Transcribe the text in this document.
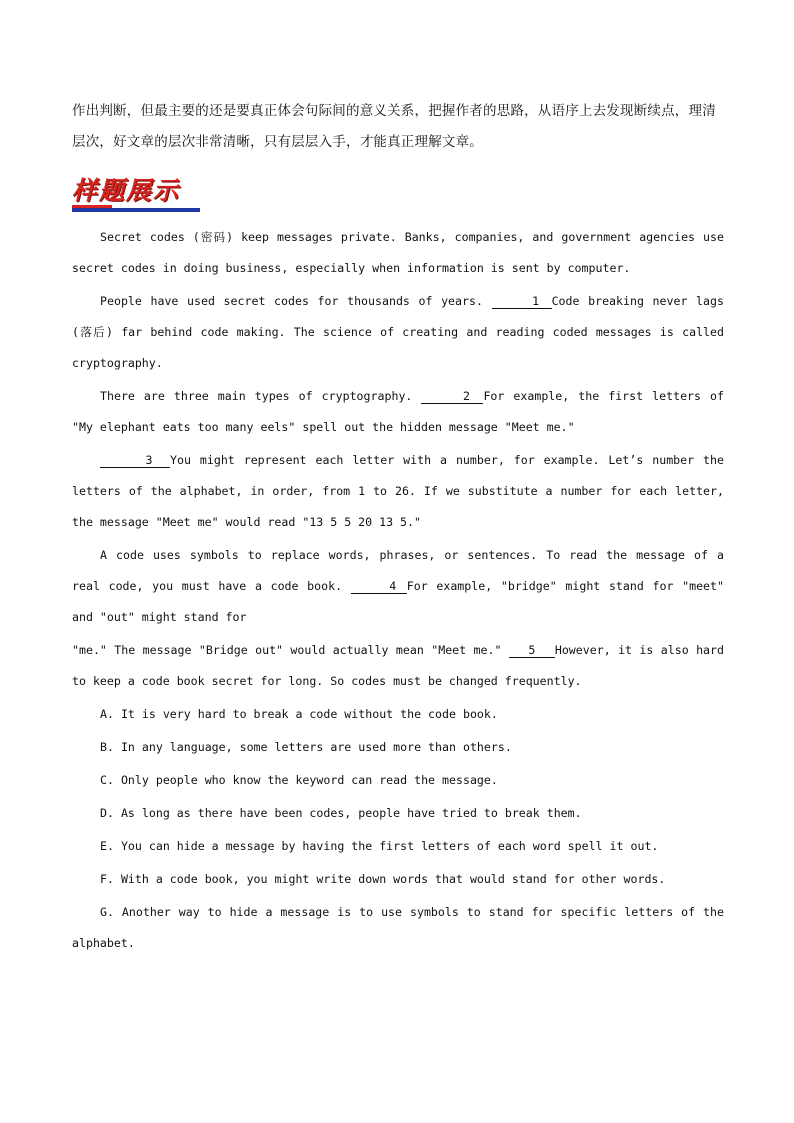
作出判断，但最主要的还是要真正体会句际间的意义关系，把握作者的思路，从语序上去发现断续点，理清层次，好文章的层次非常清晰，只有层层入手，才能真正理解文章。

样题展示

Secret codes (密码) keep messages private. Banks, companies, and government agencies use secret codes in doing business, especially when information is sent by computer.

People have used secret codes for thousands of years.	1 Code breaking never lags (落后) far behind code making. The science of creating and reading coded messages is called cryptography.

There are three main types of cryptography.	2 For example, the first letters of "My elephant eats too many eels" spell out the hidden message "Meet me."

3 You might represent each letter with a number, for example. Let’s number the letters of the alphabet, in order, from 1 to 26. If we substitute a number for each letter, the message "Meet me" would read "13 5 5 20 13 5."

A code uses symbols to replace words, phrases, or sentences. To read the message of a real code, you must have a code book.	4 For example, "bridge" might stand for "meet" and "out" might stand for

"me." The message "Bridge out" would actually mean "Meet me." 5 However, it is also hard to keep a code book secret for long. So codes must be changed frequently.

A. It is very hard to break a code without the code book.

B. In any language, some letters are used more than others.

C. Only people who know the keyword can read the message.

D. As long as there have been codes, people have tried to break them.

E. You can hide a message by having the first letters of each word spell it out.

F. With a code book, you might write down words that would stand for other words.

G. Another way to hide a message is to use symbols to stand for specific letters of the alphabet.
